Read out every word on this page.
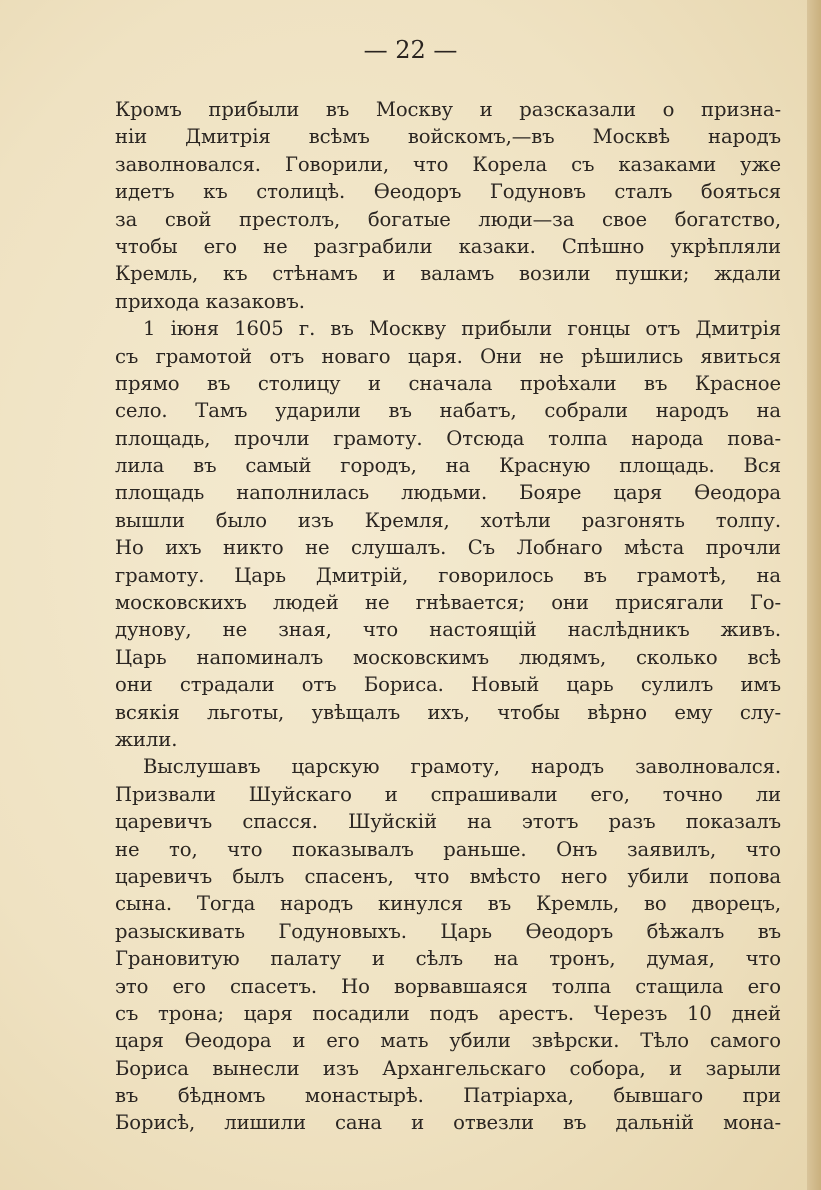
— 22 —
Кромъ прибыли въ Москву и разсказали о призна-
нiи Дмитрiя всѣмъ войскомъ,—въ Москвѣ народъ
заволновался. Говорили, что Корела съ казаками уже
идетъ къ столицѣ. Ѳеодоръ Годуновъ сталъ бояться
за свой престолъ, богатые люди—за свое богатство,
чтобы его не разграбили казаки. Спѣшно укрѣпляли
Кремль, къ стѣнамъ и валамъ возили пушки; ждали
прихода казаковъ.
1 iюня 1605 г. въ Москву прибыли гонцы отъ Дмитрiя
съ грамотой отъ новаго царя. Они не рѣшились явиться
прямо въ столицу и сначала проѣхали въ Красное
село. Тамъ ударили въ набатъ, собрали народъ на
площадь, прочли грамоту. Отсюда толпа народа пова-
лила въ самый городъ, на Красную площадь. Вся
площадь наполнилась людьми. Бояре царя Ѳеодора
вышли было изъ Кремля, хотѣли разгонять толпу.
Но ихъ никто не слушалъ. Съ Лобнаго мѣста прочли
грамоту. Царь Дмитрiй, говорилось въ грамотѣ, на
московскихъ людей не гнѣвается; они присягали Го-
дунову, не зная, что настоящiй наслѣдникъ живъ.
Царь напоминалъ московскимъ людямъ, сколько всѣ
они страдали отъ Бориса. Новый царь сулилъ имъ
всякiя льготы, увѣщалъ ихъ, чтобы вѣрно ему слу-
жили.
Выслушавъ царскую грамоту, народъ заволновался.
Призвали Шуйскаго и спрашивали его, точно ли
царевичъ спасся. Шуйскiй на этотъ разъ показалъ
не то, что показывалъ раньше. Онъ заявилъ, что
царевичъ былъ спасенъ, что вмѣсто него убили попова
сына. Тогда народъ кинулся въ Кремль, во дворецъ,
разыскивать Годуновыхъ. Царь Ѳеодоръ бѣжалъ въ
Грановитую палату и сѣлъ на тронъ, думая, что
это его спасетъ. Но ворвавшаяся толпа стащила его
съ трона; царя посадили подъ арестъ. Черезъ 10 дней
царя Ѳеодора и его мать убили звѣрски. Тѣло самого
Бориса вынесли изъ Архангельскаго собора, и зарыли
въ бѣдномъ монастырѣ. Патрiарха, бывшаго при
Борисѣ, лишили сана и отвезли въ дальнiй мона-
